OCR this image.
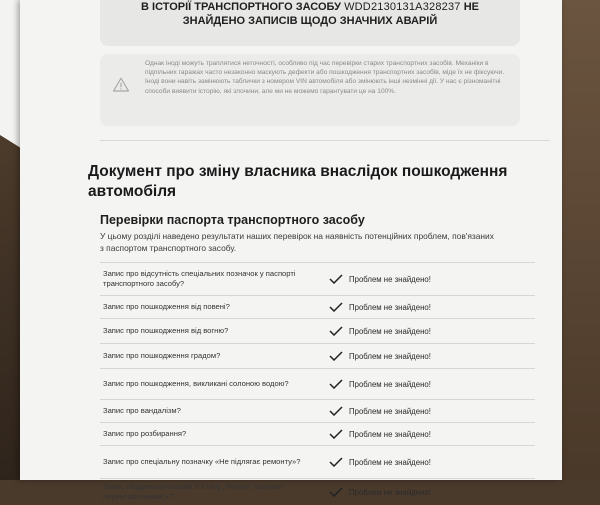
В ІСТОРІЇ ТРАНСПОРТНОГО ЗАСОБУ WDD2130131A328237 НЕ
ЗНАЙДЕНО ЗАПИСІВ ЩОДО ЗНАЧНИХ АВАРІЙ
Однак іноді можуть траплятися неточності, особливо під час перевірки старих транспортних засобів. Механіки в підпільних гаражах часто незаконно маскують дефекти або пошкодження транспортних засобів, міде їх не фіксуючи. Іноді вони навіть замінюють таблички з номером VIN автомобіля або змінюють інші незмінні дії. У нас є різноманітні способи виявити історію, які злочини, але ми не можемо гарантувати це на 100%.
Документ про зміну власника внаслідок пошкодження автомобіля
Перевірки паспорта транспортного засобу
У цьому розділі наведено результати наших перевірок на наявність потенційних проблем, пов'язаних з паспортом транспортного засобу.
Запис про відсутність спеціальних позначок у паспорті транспортного засобу?	Проблем не знайдено!
Запис про пошкодження від повені?	Проблем не знайдено!
Запис про пошкодження від вогню?	Проблем не знайдено!
Запис про пошкодження градом?	Проблем не знайдено!
Запис про пошкодження, викликані солоною водою?	Проблем не знайдено!
Запис про вандалізм?	Проблем не знайдено!
Запис про розбирання?	Проблем не знайдено!
Запис про спеціальну позначку «Не підлягає ремонту»?	Проблем не знайдено!
Запис «Відремонтований зі стану „Ремонт визнано нерентабельним"»?	Проблем не знайдено!
